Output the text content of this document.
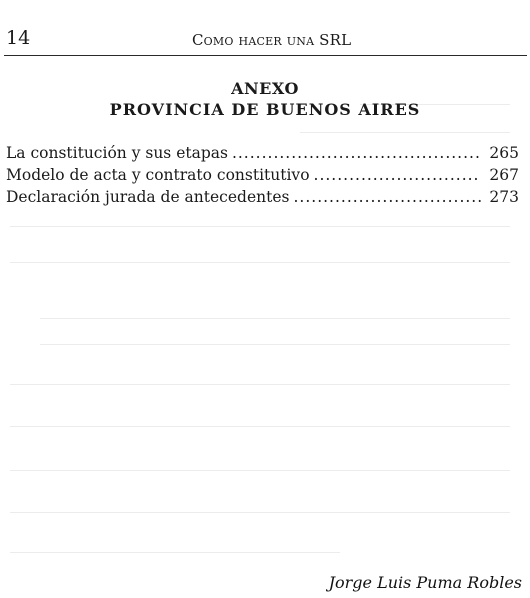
14	Como hacer una SRL
ANEXO
PROVINCIA DE BUENOS AIRES
La constitución y sus etapas .....	265
Modelo de acta y contrato constitutivo .....	267
Declaración jurada de antecedentes .....	273
Jorge Luis Puma Robles
